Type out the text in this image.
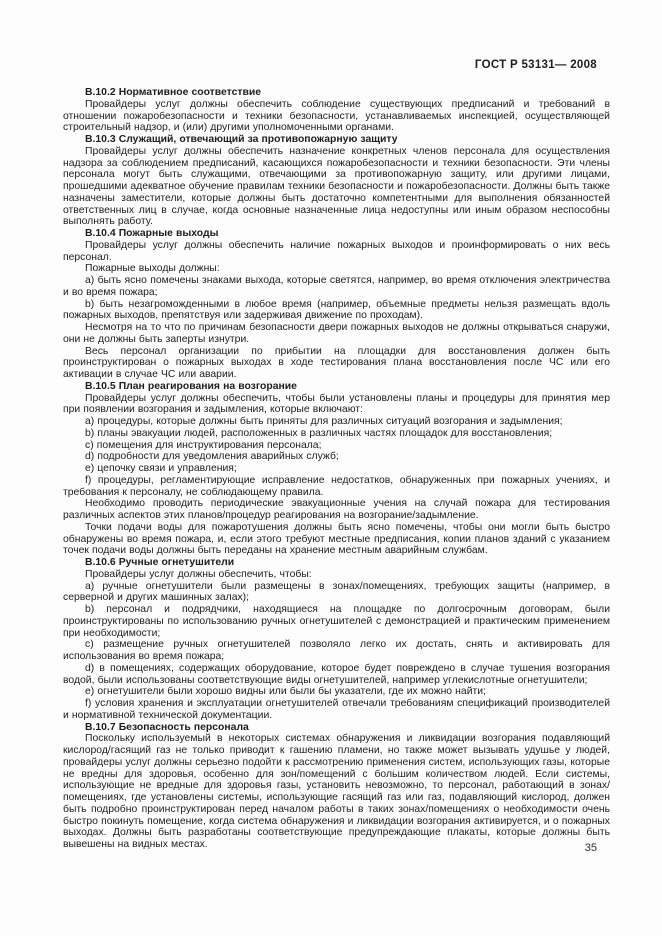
ГОСТ Р 53131— 2008
В.10.2 Нормативное соответствие

Провайдеры услуг должны обеспечить соблюдение существующих предписаний и требований в отношении пожаробезопасности и техники безопасности, устанавливаемых инспекцией, осуществляющей строительный надзор, и (или) другими уполномоченными органами.

В.10.3 Служащий, отвечающий за противопожарную защиту

Провайдеры услуг должны обеспечить назначение конкретных членов персонала для осуществления надзора за соблюдением предписаний, касающихся пожаробезопасности и техники безопасности. Эти члены персонала могут быть служащими, отвечающими за противопожарную защиту, или другими лицами, прошедшими адекватное обучение правилам техники безопасности и пожаробезопасности. Должны быть также назначены заместители, которые должны быть достаточно компетентными для выполнения обязанностей ответственных лиц в случае, когда основные назначенные лица недоступны или иным образом неспособны выполнять работу.

В.10.4 Пожарные выходы

Провайдеры услуг должны обеспечить наличие пожарных выходов и проинформировать о них весь персонал.

Пожарные выходы должны:

a) быть ясно помечены знаками выхода, которые светятся, например, во время отключения электричества и во время пожара;

b) быть незагроможденными в любое время (например, объемные предметы нельзя размещать вдоль пожарных выходов, препятствуя или задерживая движение по проходам).

Несмотря на то что по причинам безопасности двери пожарных выходов не должны открываться снаружи, они не должны быть заперты изнутри.

Весь персонал организации по прибытии на площадки для восстановления должен быть проинструктирован о пожарных выходах в ходе тестирования плана восстановления после ЧС или его активации в случае ЧС или аварии.

В.10.5 План реагирования на возгорание

Провайдеры услуг должны обеспечить, чтобы были установлены планы и процедуры для принятия мер при появлении возгорания и задымления, которые включают:

a) процедуры, которые должны быть приняты для различных ситуаций возгорания и задымления;

b) планы эвакуации людей, расположенных в различных частях площадок для восстановления;

c) помещения для инструктирования персонала;

d) подробности для уведомления аварийных служб;

e) цепочку связи и управления;

f) процедуры, регламентирующие исправление недостатков, обнаруженных при пожарных учениях, и требования к персоналу, не соблюдающему правила.

Необходимо проводить периодические эвакуационные учения на случай пожара для тестирования различных аспектов этих планов/процедур реагирования на возгорание/задымление.

Точки подачи воды для пожаротушения должны быть ясно помечены, чтобы они могли быть быстро обнаружены во время пожара, и, если этого требуют местные предписания, копии планов зданий с указанием точек подачи воды должны быть переданы на хранение местным аварийным службам.

В.10.6 Ручные огнетушители

Провайдеры услуг должны обеспечить, чтобы:

a) ручные огнетушители были размещены в зонах/помещениях, требующих защиты (например, в серверной и других машинных залах);

b) персонал и подрядчики, находящиеся на площадке по долгосрочным договорам, были проинструктированы по использованию ручных огнетушителей с демонстрацией и практическим применением при необходимости;

c) размещение ручных огнетушителей позволяло легко их достать, снять и активировать для использования во время пожара;

d) в помещениях, содержащих оборудование, которое будет повреждено в случае тушения возгорания водой, были использованы соответствующие виды огнетушителей, например углекислотные огнетушители;

e) огнетушители были хорошо видны или были бы указатели, где их можно найти;

f) условия хранения и эксплуатации огнетушителей отвечали требованиям спецификаций производителей и нормативной технической документации.

В.10.7 Безопасность персонала

Поскольку используемый в некоторых системах обнаружения и ликвидации возгорания подавляющий кислород/гасящий газ не только приводит к гашению пламени, но также может вызывать удушье у людей, провайдеры услуг должны серьезно подойти к рассмотрению применения систем, использующих газы, которые не вредны для здоровья, особенно для зон/помещений с большим количеством людей. Если системы, использующие не вредные для здоровья газы, установить невозможно, то персонал, работающий в зонах/помещениях, где установлены системы, использующие гасящий газ или газ, подавляющий кислород, должен быть подробно проинструктирован перед началом работы в таких зонах/помещениях о необходимости очень быстро покинуть помещение, когда система обнаружения и ликвидации возгорания активируется, и о пожарных выходах. Должны быть разработаны соответствующие предупреждающие плакаты, которые должны быть вывешены на видных местах.	35
